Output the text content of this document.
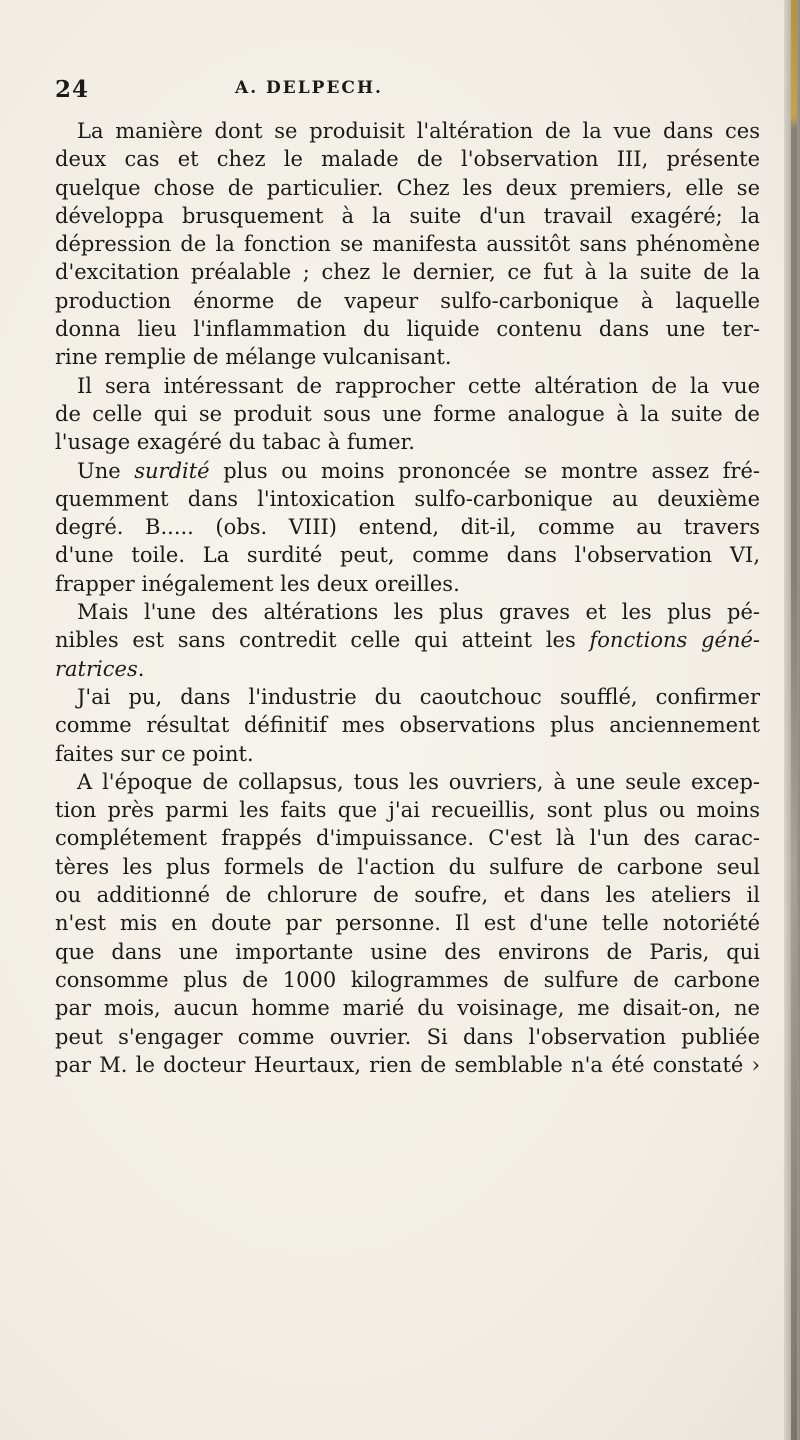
24	A. DELPECH.
La manière dont se produisit l'altération de la vue dans ces
deux cas et chez le malade de l'observation III, présente
quelque chose de particulier. Chez les deux premiers, elle se
développa brusquement à la suite d'un travail exagéré; la
dépression de la fonction se manifesta aussitôt sans phénomène
d'excitation préalable ; chez le dernier, ce fut à la suite de la
production énorme de vapeur sulfo-carbonique à laquelle
donna lieu l'inflammation du liquide contenu dans une ter-
rine remplie de mélange vulcanisant.
Il sera intéressant de rapprocher cette altération de la vue
de celle qui se produit sous une forme analogue à la suite de
l'usage exagéré du tabac à fumer.
Une surdité plus ou moins prononcée se montre assez fré-
quemment dans l'intoxication sulfo-carbonique au deuxième
degré. B..... (obs. VIII) entend, dit-il, comme au travers
d'une toile. La surdité peut, comme dans l'observation VI,
frapper inégalement les deux oreilles.
Mais l'une des altérations les plus graves et les plus pé-
nibles est sans contredit celle qui atteint les fonctions géné-
ratrices.
J'ai pu, dans l'industrie du caoutchouc soufflé, confirmer
comme résultat définitif mes observations plus anciennement
faites sur ce point.
A l'époque de collapsus, tous les ouvriers, à une seule excep-
tion près parmi les faits que j'ai recueillis, sont plus ou moins
complétement frappés d'impuissance. C'est là l'un des carac-
tères les plus formels de l'action du sulfure de carbone seul
ou additionné de chlorure de soufre, et dans les ateliers il
n'est mis en doute par personne. Il est d'une telle notoriété
que dans une importante usine des environs de Paris, qui
consomme plus de 1000 kilogrammes de sulfure de carbone
par mois, aucun homme marié du voisinage, me disait-on, ne
peut s'engager comme ouvrier. Si dans l'observation publiée
par M. le docteur Heurtaux, rien de semblable n'a été constaté ›
